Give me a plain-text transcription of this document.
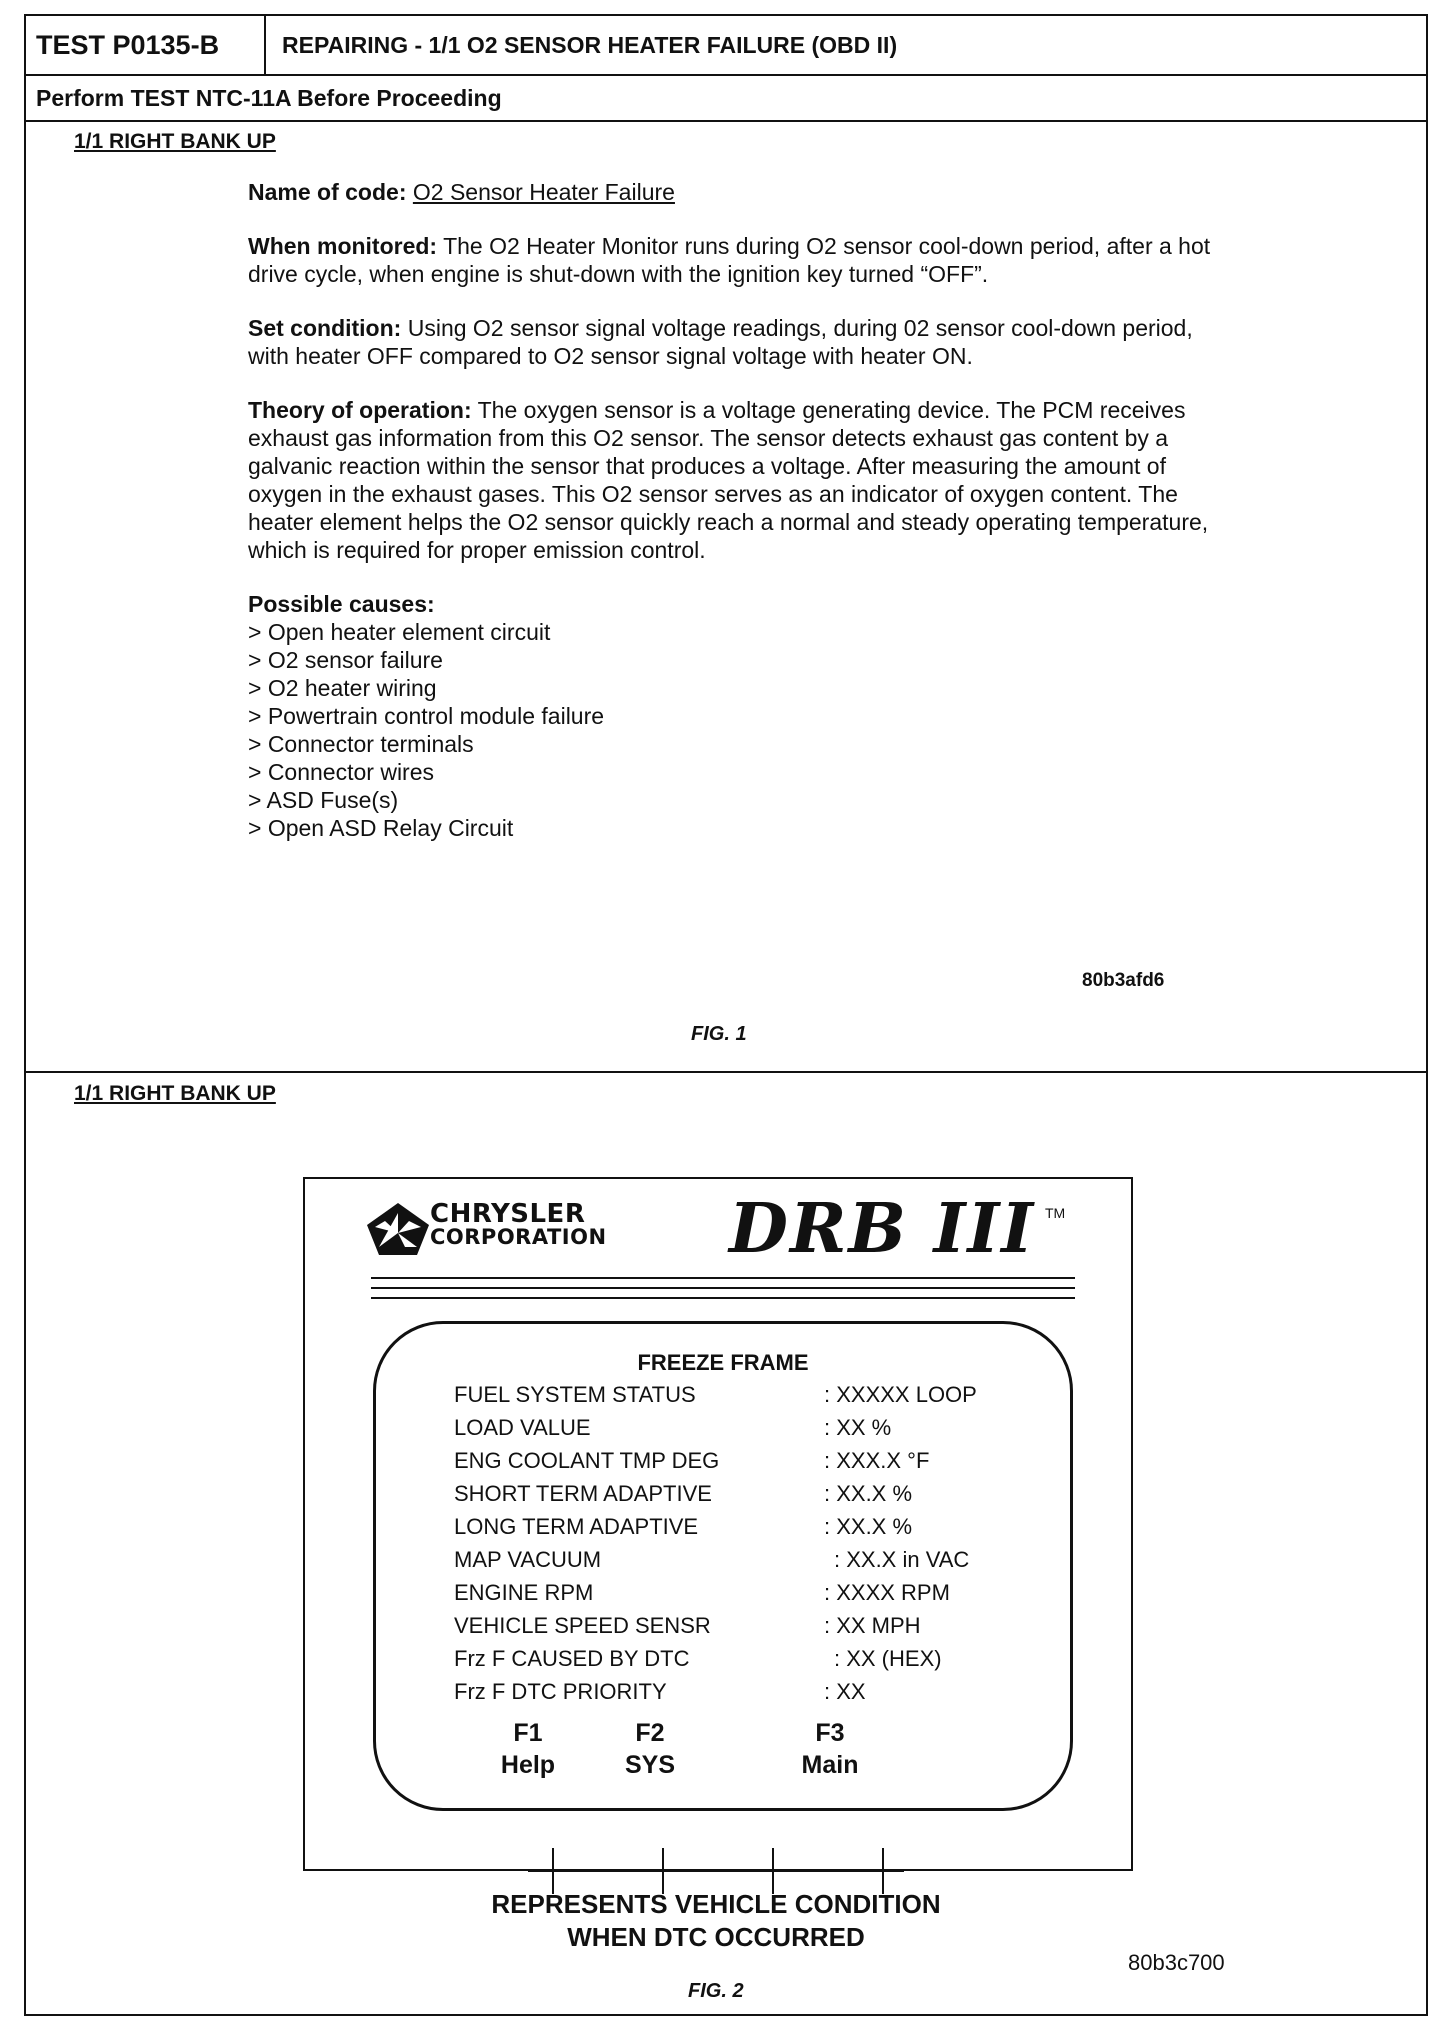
TEST P0135-B	REPAIRING - 1/1 O2 SENSOR HEATER FAILURE (OBD II)
Perform TEST NTC-11A Before Proceeding
1/1 RIGHT BANK UP

Name of code: O2 Sensor Heater Failure

When monitored: The O2 Heater Monitor runs during O2 sensor cool-down period, after a hot drive cycle, when engine is shut-down with the ignition key turned “OFF”.

Set condition: Using O2 sensor signal voltage readings, during 02 sensor cool-down period, with heater OFF compared to O2 sensor signal voltage with heater ON.

Theory of operation: The oxygen sensor is a voltage generating device. The PCM receives exhaust gas information from this O2 sensor. The sensor detects exhaust gas content by a galvanic reaction within the sensor that produces a voltage. After measuring the amount of oxygen in the exhaust gases. This O2 sensor serves as an indicator of oxygen content. The heater element helps the O2 sensor quickly reach a normal and steady operating temperature, which is required for proper emission control.

Possible causes:
> Open heater element circuit
> O2 sensor failure
> O2 heater wiring
> Powertrain control module failure
> Connector terminals
> Connector wires
> ASD Fuse(s)
> Open ASD Relay Circuit
80b3afd6
FIG. 1
1/1 RIGHT BANK UP
CHRYSLER
CORPORATION DRB III TM
FREEZE FRAME
FUEL SYSTEM STATUS	: XXXXX LOOP
LOAD VALUE	: XX %
ENG COOLANT TMP DEG	: XXX.X °F
SHORT TERM ADAPTIVE	: XX.X %
LONG TERM ADAPTIVE	: XX.X %
MAP VACUUM	: XX.X in VAC
ENGINE RPM	: XXXX RPM
VEHICLE SPEED SENSR	: XX MPH
Frz F CAUSED BY DTC	: XX (HEX)
Frz F DTC PRIORITY	: XX
F1
Help
F2
SYS
F3
Main
REPRESENTS VEHICLE CONDITION
WHEN DTC OCCURRED
80b3c700
FIG. 2
